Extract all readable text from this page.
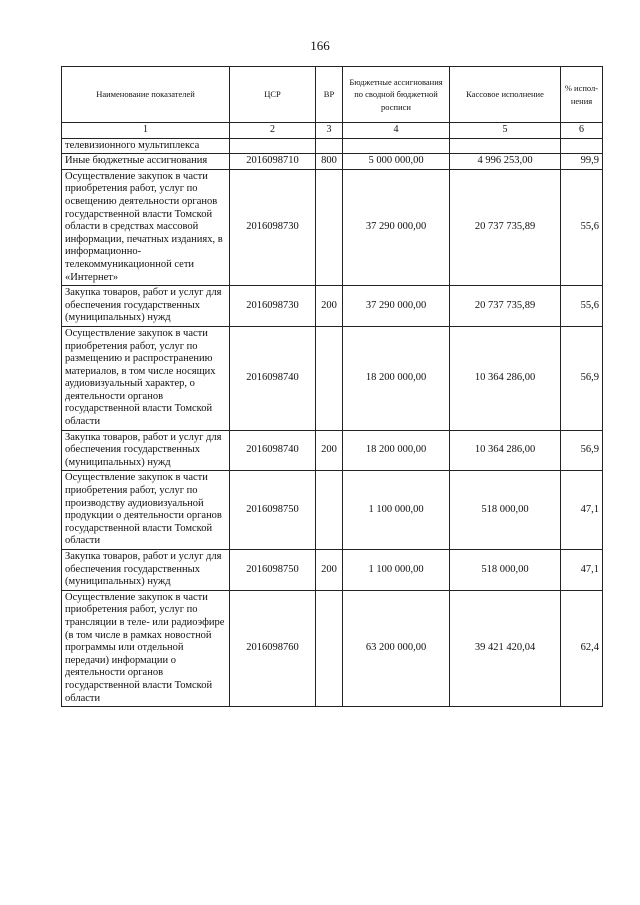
166
Наименование показателей	ЦСР	ВР	Бюджетные ассигнования по сводной бюджетной росписи	Кассовое исполнение	% испол-нения
1	2	3	4	5	6
телевизионного мультиплекса					
Иные бюджетные ассигнования	2016098710	800	5 000 000,00	4 996 253,00	99,9
Осуществление закупок в части приобретения работ, услуг по освещению деятельности органов государственной власти Томской области в средствах массовой информации, печатных изданиях, в информационно-телекоммуникационной сети «Интернет»	2016098730		37 290 000,00	20 737 735,89	55,6
Закупка товаров, работ и услуг для обеспечения государственных (муниципальных) нужд	2016098730	200	37 290 000,00	20 737 735,89	55,6
Осуществление закупок в части приобретения работ, услуг по размещению и распространению материалов, в том числе носящих аудиовизуальный характер, о деятельности органов государственной власти Томской области	2016098740		18 200 000,00	10 364 286,00	56,9
Закупка товаров, работ и услуг для обеспечения государственных (муниципальных) нужд	2016098740	200	18 200 000,00	10 364 286,00	56,9
Осуществление закупок в части приобретения работ, услуг по производству аудиовизуальной продукции о деятельности органов государственной власти Томской области	2016098750		1 100 000,00	518 000,00	47,1
Закупка товаров, работ и услуг для обеспечения государственных (муниципальных) нужд	2016098750	200	1 100 000,00	518 000,00	47,1
Осуществление закупок в части приобретения работ, услуг по трансляции в теле- или радиоэфире (в том числе в рамках новостной программы или отдельной передачи) информации о деятельности органов государственной власти Томской области	2016098760		63 200 000,00	39 421 420,04	62,4
